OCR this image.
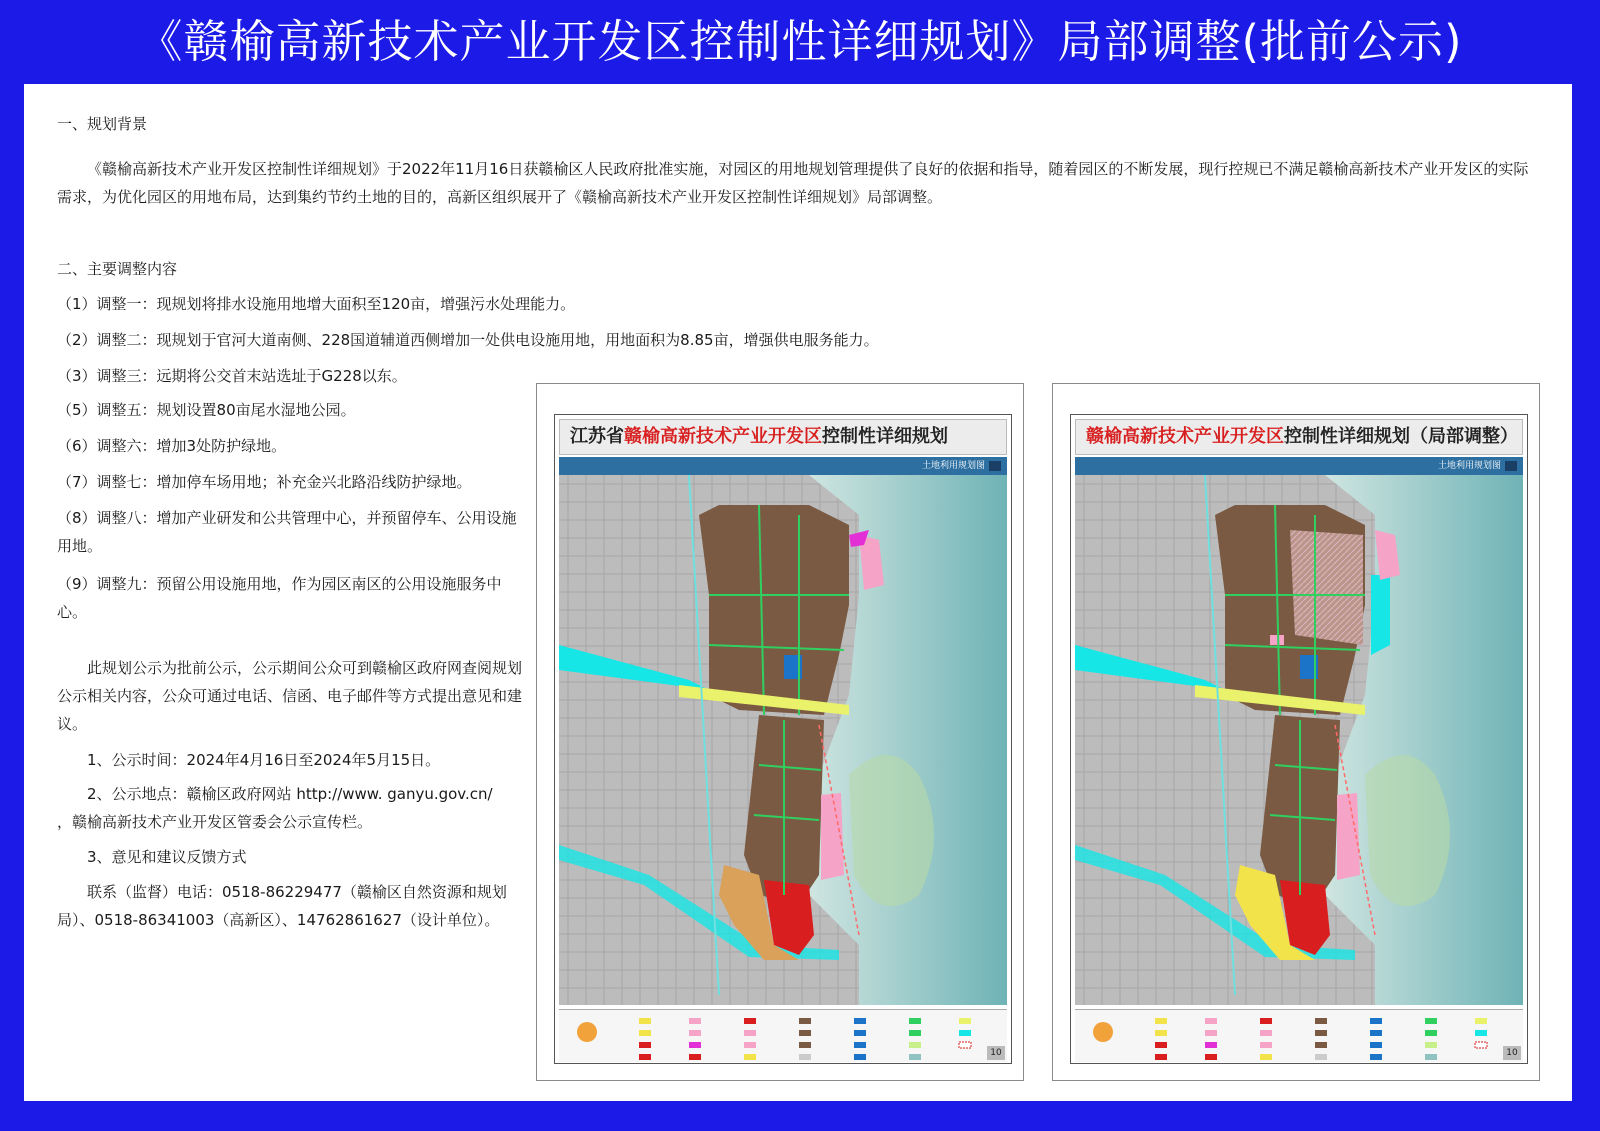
《赣榆高新技术产业开发区控制性详细规划》局部调整(批前公示)
一、规划背景
《赣榆高新技术产业开发区控制性详细规划》于2022年11月16日获赣榆区人民政府批准实施，对园区的用地规划管理提供了良好的依据和指导，随着园区的不断发展，现行控规已不满足赣榆高新技术产业开发区的实际需求，为优化园区的用地布局，达到集约节约土地的目的，高新区组织展开了《赣榆高新技术产业开发区控制性详细规划》局部调整。
二、主要调整内容
（1）调整一：现规划将排水设施用地增大面积至120亩，增强污水处理能力。
（2）调整二：现规划于官河大道南侧、228国道辅道西侧增加一处供电设施用地，用地面积为8.85亩，增强供电服务能力。
（3）调整三：远期将公交首末站选址于G228以东。
（5）调整五：规划设置80亩尾水湿地公园。
（6）调整六：增加3处防护绿地。
（7）调整七：增加停车场用地；补充金兴北路沿线防护绿地。
（8）调整八：增加产业研发和公共管理中心，并预留停车、公用设施用地。
（9）调整九：预留公用设施用地，作为园区南区的公用设施服务中心。
此规划公示为批前公示，公示期间公众可到赣榆区政府网查阅规划公示相关内容，公众可通过电话、信函、电子邮件等方式提出意见和建议。
1、公示时间：2024年4月16日至2024年5月15日。
2、公示地点：赣榆区政府网站 http://www. ganyu.gov.cn/
，赣榆高新技术产业开发区管委会公示宣传栏。
3、意见和建议反馈方式
联系（监督）电话：0518-86229477（赣榆区自然资源和规划局）、0518-86341003（高新区）、14762861627（设计单位）。
江苏省赣榆高新技术产业开发区控制性详细规划
土地利用规划图
10
赣榆高新技术产业开发区控制性详细规划（局部调整）
土地利用规划图
10
